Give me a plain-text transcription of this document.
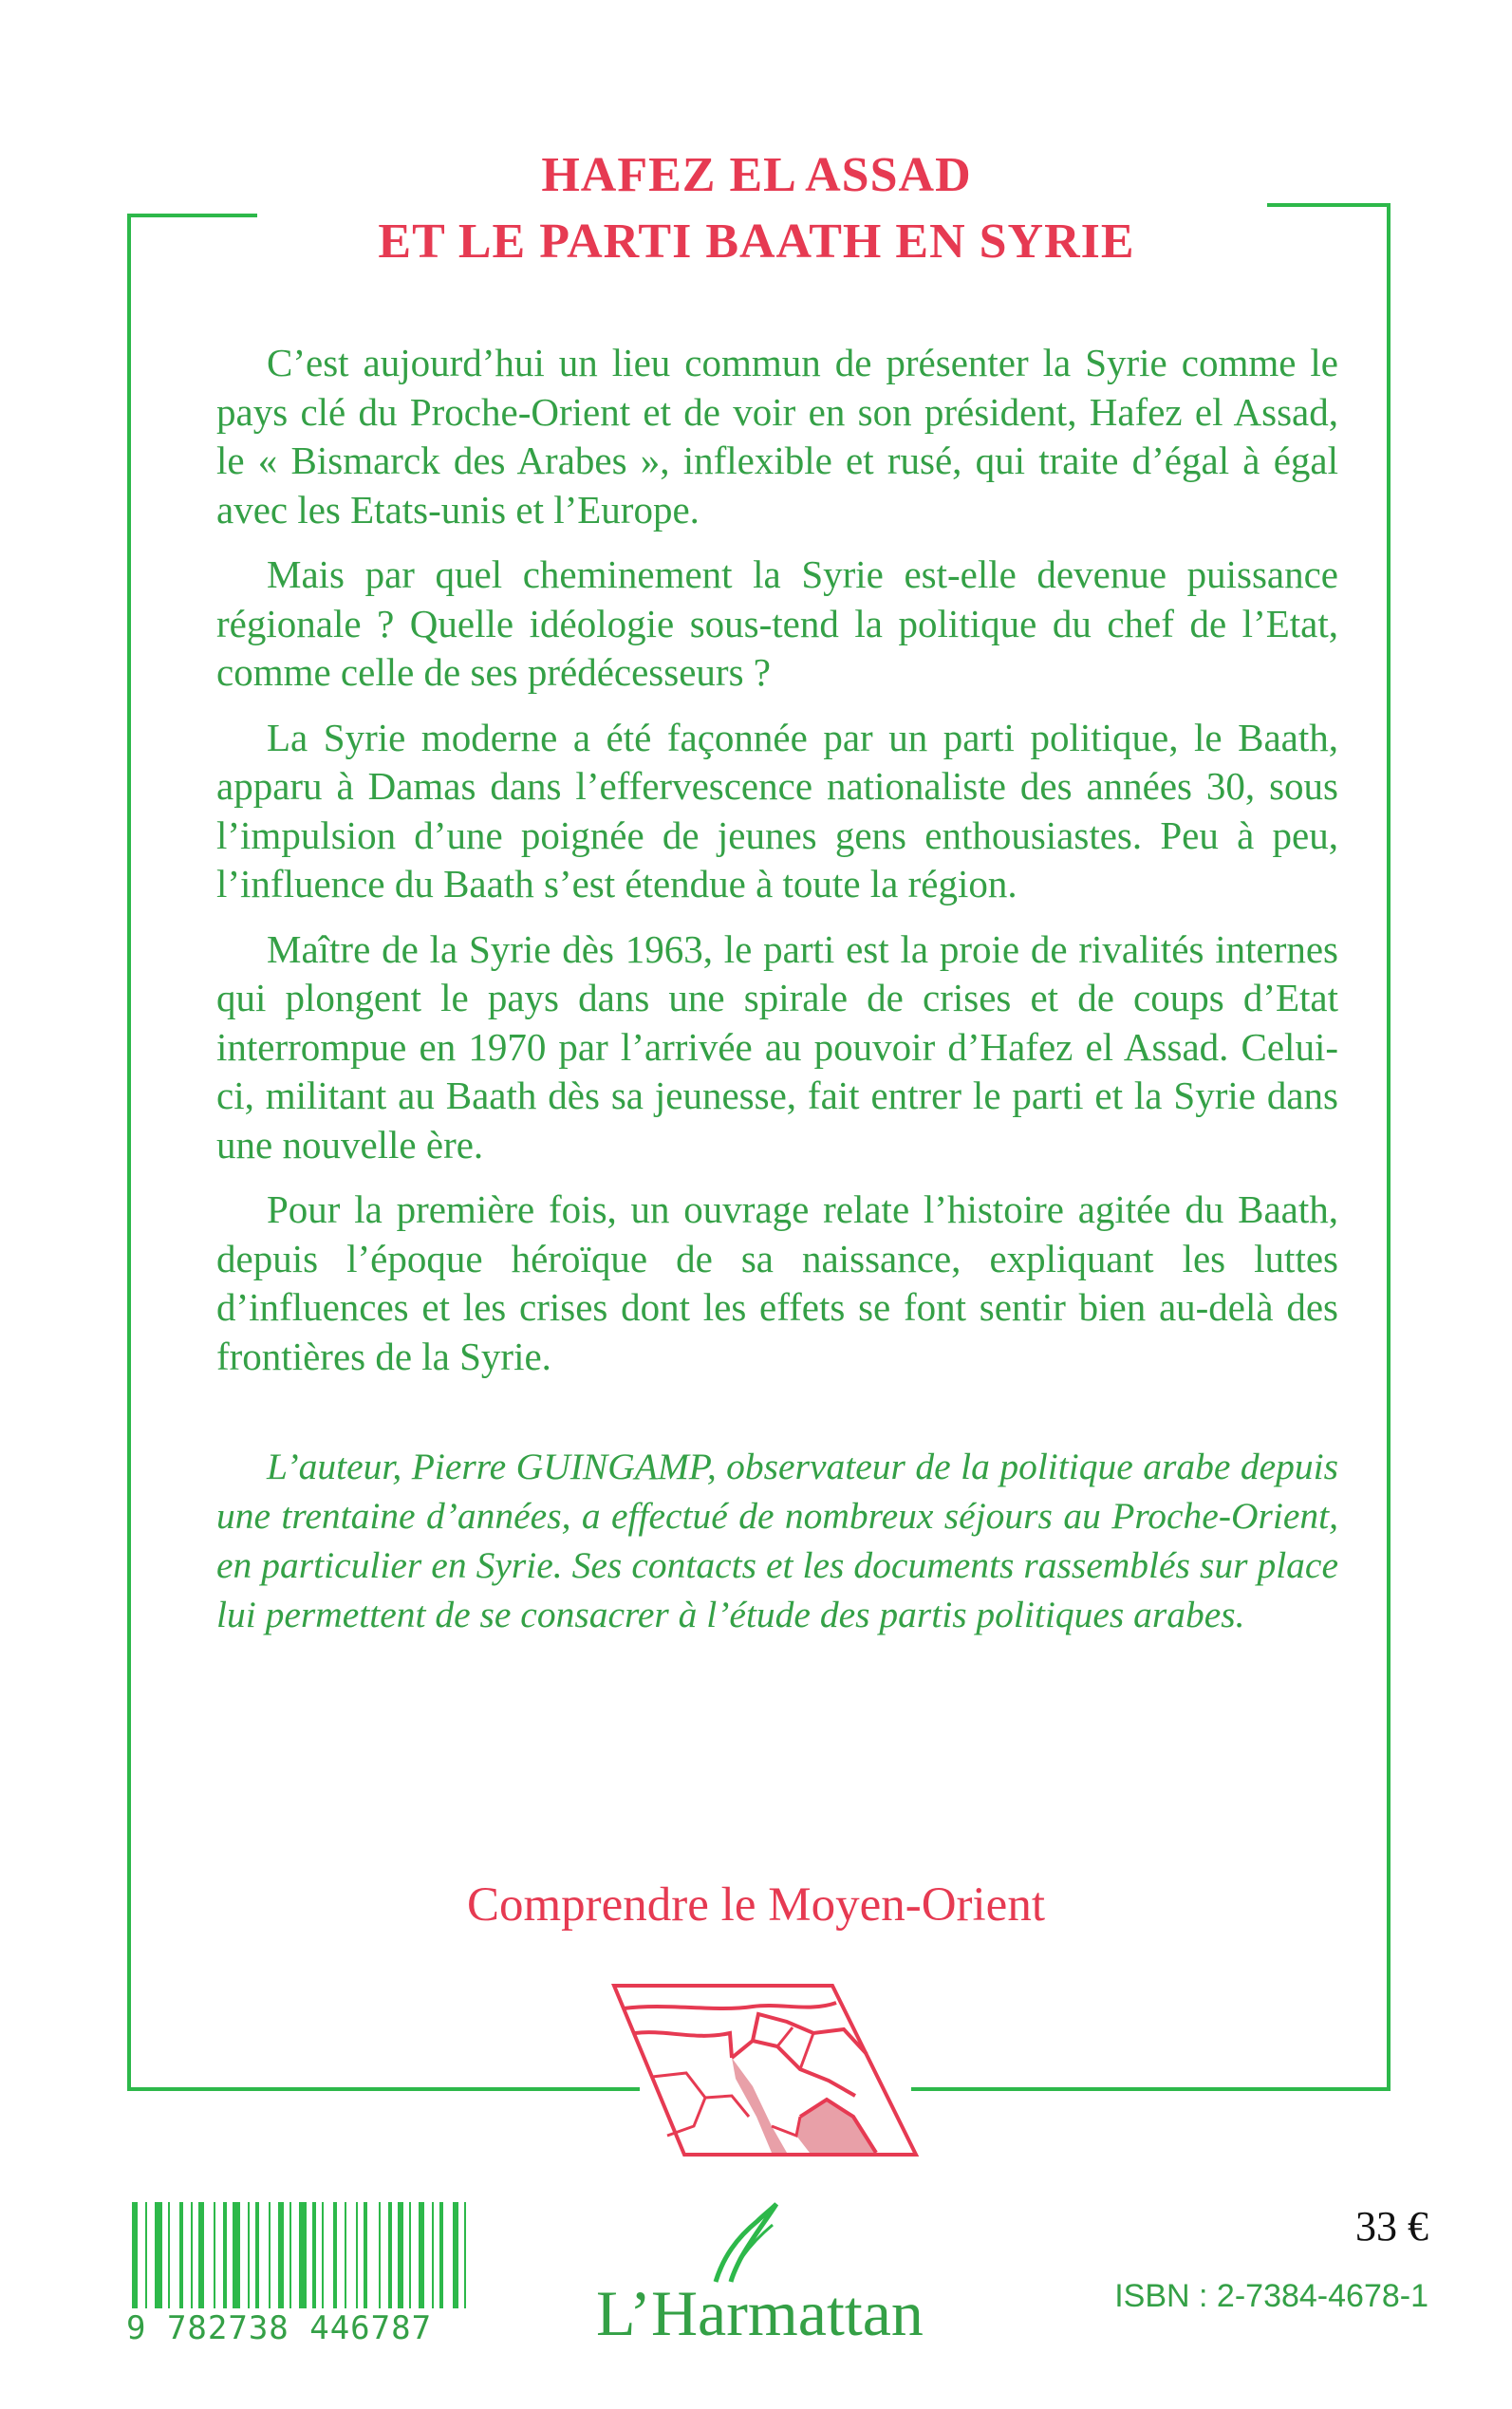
HAFEZ EL ASSAD
ET LE PARTI BAATH EN SYRIE

C’est aujourd’hui un lieu commun de présenter la Syrie comme le pays clé du Proche-Orient et de voir en son président, Hafez el Assad, le « Bismarck des Arabes », inflexible et rusé, qui traite d’égal à égal avec les Etats-unis et l’Europe.

Mais par quel cheminement la Syrie est-elle devenue puissance régionale ? Quelle idéologie sous-tend la politique du chef de l’Etat, comme celle de ses prédécesseurs ?

La Syrie moderne a été façonnée par un parti politique, le Baath, apparu à Damas dans l’effervescence nationaliste des années 30, sous l’impulsion d’une poignée de jeunes gens enthousiastes. Peu à peu, l’influence du Baath s’est étendue à toute la région.

Maître de la Syrie dès 1963, le parti est la proie de rivalités internes qui plongent le pays dans une spirale de crises et de coups d’Etat interrompue en 1970 par l’arrivée au pouvoir d’Hafez el Assad. Celui-ci, militant au Baath dès sa jeunesse, fait entrer le parti et la Syrie dans une nouvelle ère.

Pour la première fois, un ouvrage relate l’histoire agitée du Baath, depuis l’époque héroïque de sa naissance, expliquant les luttes d’influences et les crises dont les effets se font sentir bien au-delà des frontières de la Syrie.

L’auteur, Pierre GUINGAMP, observateur de la politique arabe depuis une trentaine d’années, a effectué de nombreux séjours au Proche-Orient, en particulier en Syrie. Ses contacts et les documents rassemblés sur place lui permettent de se consacrer à l’étude des partis politiques arabes.
Comprendre le Moyen-Orient
9 782738 446787	L’Harmattan
33 €
ISBN : 2-7384-4678-1
